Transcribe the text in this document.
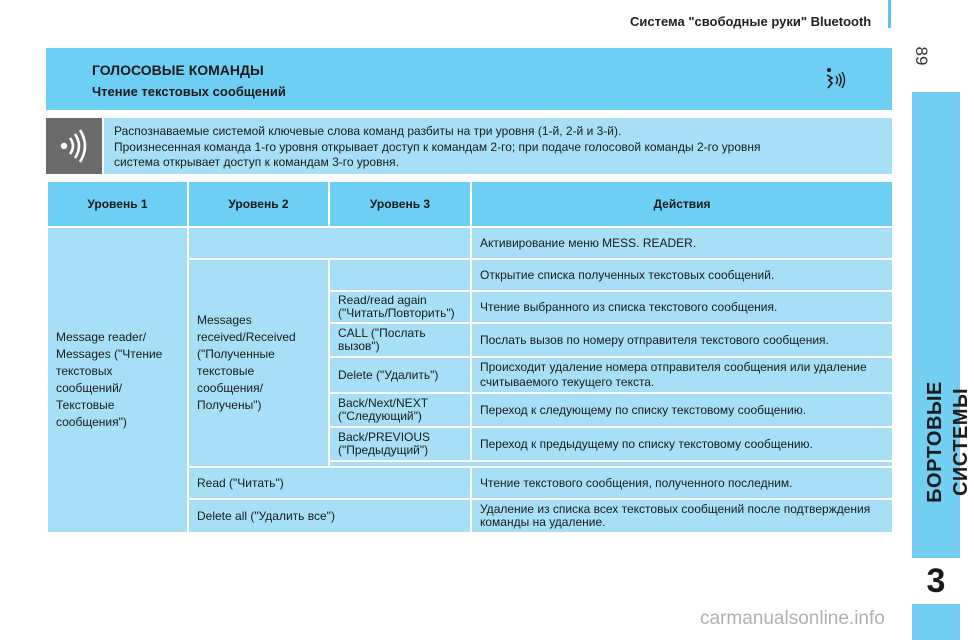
Система "свободные руки" Bluetooth
89
БОРТОВЫЕ СИСТЕМЫ
3
ГОЛОСОВЫЕ КОМАНДЫ
Чтение текстовых сообщений
Распознаваемые системой ключевые слова команд разбиты на три уровня (1-й, 2-й и 3-й).
Произнесенная команда 1-го уровня открывает доступ к командам 2-го; при подаче голосовой команды 2-го уровня
система открывает доступ к командам 3-го уровня.
Уровень 1	Уровень 2	Уровень 3	Действия
Message reader/ Messages ("Чтение текстовых сообщений/ Текстовые сообщения")			Активирование меню MESS. READER.
	Messages received/Received ("Полученные текстовые сообщения/ Получены")		Открытие списка полученных текстовых сообщений.
		Read/read again ("Читать/Повторить")	Чтение выбранного из списка текстового сообщения.
		CALL ("Послать вызов")	Послать вызов по номеру отправителя текстового сообщения.
		Delete ("Удалить")	Происходит удаление номера отправителя сообщения или удаление считываемого текущего текста.
		Back/Next/NEXT ("Следующий")	Переход к следующему по списку текстовому сообщению.
		Back/PREVIOUS ("Предыдущий")	Переход к предыдущему по списку текстовому сообщению.

	Read ("Читать")		Чтение текстового сообщения, полученного последним.
	Delete all ("Удалить все")		Удаление из списка всех текстовых сообщений после подтверждения команды на удаление.
carmanualsonline.info
